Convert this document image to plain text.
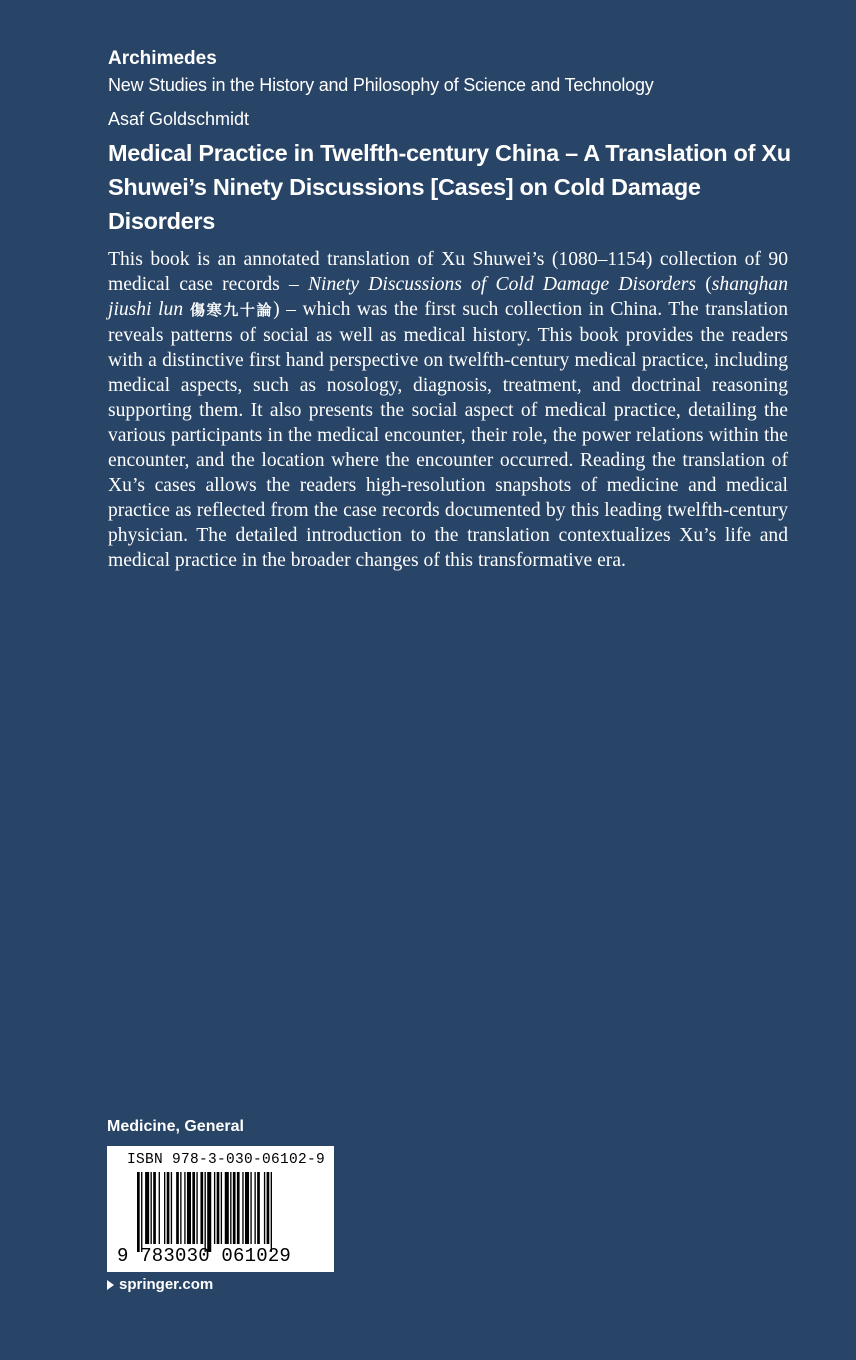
Archimedes

New Studies in the History and Philosophy of Science and Technology

Asaf Goldschmidt

Medical Practice in Twelfth-century China – A Translation of Xu
Shuwei’s Ninety Discussions [Cases] on Cold Damage Disorders

This book is an annotated translation of Xu Shuwei’s (1080–1154) collection of 90 medical case records – Ninety Discussions of Cold Damage Disorders (shanghan jiushi lun 傷寒九十論) – which was the first such collection in China. The translation reveals patterns of social as well as medical history. This book provides the readers with a distinctive first hand perspective on twelfth-century medical practice, including medical aspects, such as nosology, diagnosis, treatment, and doctrinal reasoning supporting them. It also presents the social aspect of medical practice, detailing the various participants in the medical encounter, their role, the power relations within the encounter, and the location where the encounter occurred. Reading the translation of Xu’s cases allows the readers high-resolution snapshots of medicine and medical practice as reflected from the case records documented by this leading twelfth-century physician. The detailed introduction to the translation contextualizes Xu’s life and medical practice in the broader changes of this transformative era.

Medicine, General

ISBN 978-3-030-06102-9
9 783030 061029
springer.com
